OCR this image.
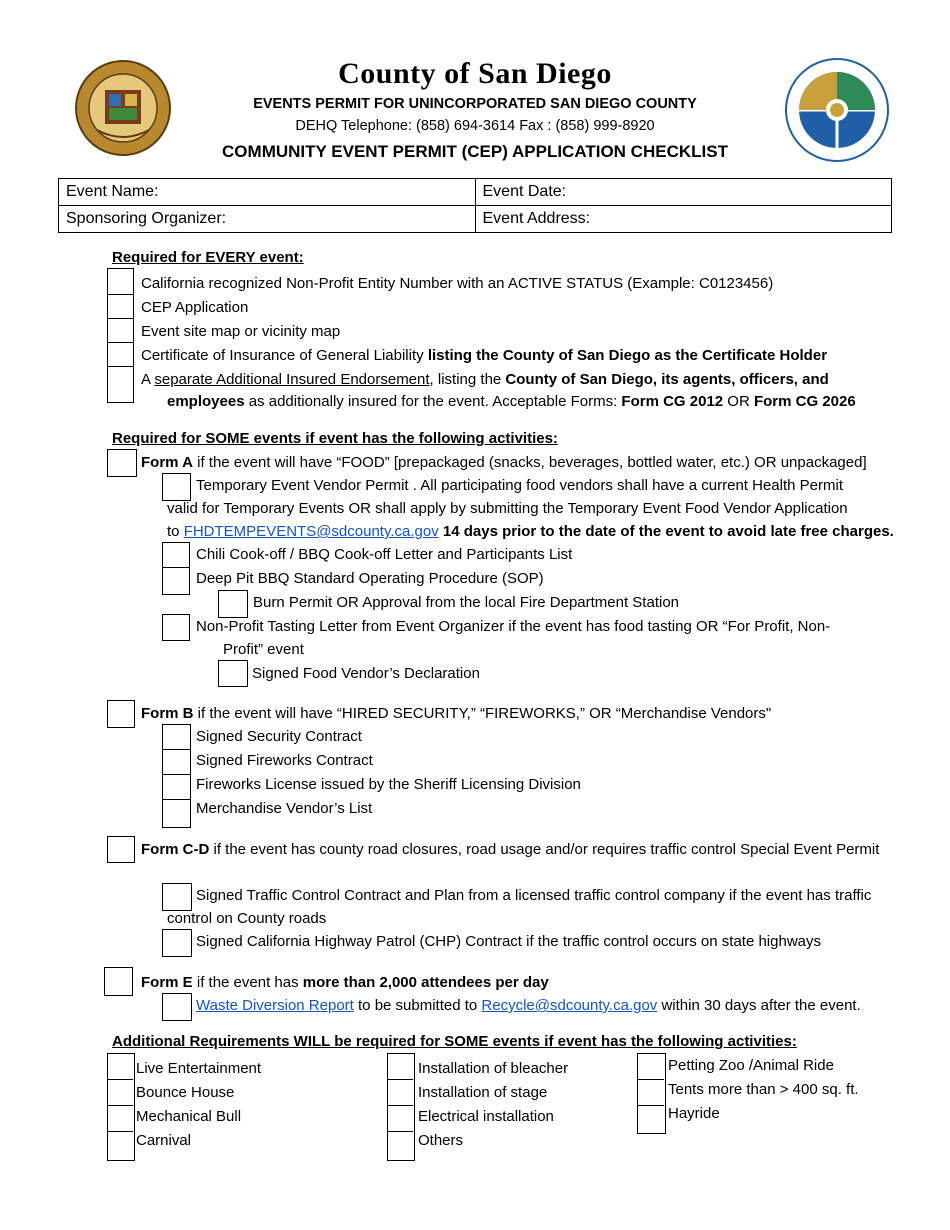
County of San Diego
EVENTS PERMIT FOR UNINCORPORATED SAN DIEGO COUNTY
DEHQ Telephone: (858) 694-3614 Fax : (858) 999-8920
COMMUNITY EVENT PERMIT (CEP) APPLICATION CHECKLIST
Event Name:	Event Date:
Sponsoring Organizer:	Event Address:
Required for EVERY event:
California recognized Non-Profit Entity Number with an ACTIVE STATUS (Example: C0123456)
CEP Application
Event site map or vicinity map
Certificate of Insurance of General Liability listing the County of San Diego as the Certificate Holder
A separate Additional Insured Endorsement, listing the County of San Diego, its agents, officers, and
employees as additionally insured for the event. Acceptable Forms: Form CG 2012 OR Form CG 2026
Required for SOME events if event has the following activities:
Form A if the event will have “FOOD” [prepackaged (snacks, beverages, bottled water, etc.) OR unpackaged]
Temporary Event Vendor Permit . All participating food vendors shall have a current Health Permit
valid for Temporary Events OR shall apply by submitting the Temporary Event Food Vendor Application
to FHDTEMPEVENTS@sdcounty.ca.gov 14 days prior to the date of the event to avoid late free charges.
Chili Cook-off / BBQ Cook-off Letter and Participants List
Deep Pit BBQ Standard Operating Procedure (SOP)
Burn Permit OR Approval from the local Fire Department Station
Non-Profit Tasting Letter from Event Organizer if the event has food tasting OR “For Profit, Non-
Profit” event
Signed Food Vendor’s Declaration
Form B if the event will have “HIRED SECURITY,” “FIREWORKS,” OR “Merchandise Vendors"
Signed Security Contract
Signed Fireworks Contract
Fireworks License issued by the Sheriff Licensing Division
Merchandise Vendor’s List
Form C-D if the event has county road closures, road usage and/or requires traffic control Special Event Permit
Signed Traffic Control Contract and Plan from a licensed traffic control company if the event has traffic
control on County roads
Signed California Highway Patrol (CHP) Contract if the traffic control occurs on state highways
Form E if the event has more than 2,000 attendees per day
Waste Diversion Report to be submitted to Recycle@sdcounty.ca.gov within 30 days after the event.
Additional Requirements WILL be required for SOME events if event has the following activities:
Live Entertainment
Bounce House
Mechanical Bull
Carnival
Installation of bleacher
Installation of stage
Electrical installation
Others
Petting Zoo /Animal Ride
Tents more than > 400 sq. ft.
Hayride
